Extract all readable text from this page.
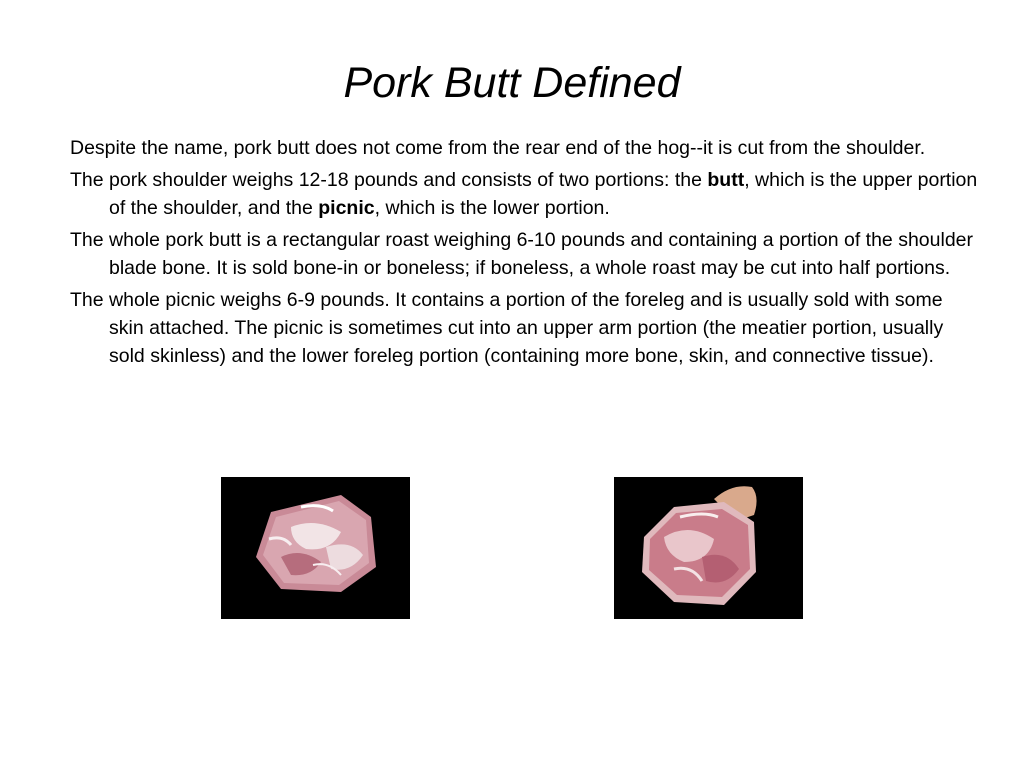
Pork Butt Defined

Despite the name, pork butt does not come from the rear end of the hog--it is cut from the shoulder.

The pork shoulder weighs 12-18 pounds and consists of two portions: the butt, which is the upper portion of the shoulder, and the picnic, which is the lower portion.

The whole pork butt is a rectangular roast weighing 6-10 pounds and containing a portion of the shoulder blade bone. It is sold bone-in or boneless; if boneless, a whole roast may be cut into half portions.

The whole picnic weighs 6-9 pounds. It contains a portion of the foreleg and is usually sold with some skin attached. The picnic is sometimes cut into an upper arm portion (the meatier portion, usually sold skinless) and the lower foreleg portion (containing more bone, skin, and connective tissue).
